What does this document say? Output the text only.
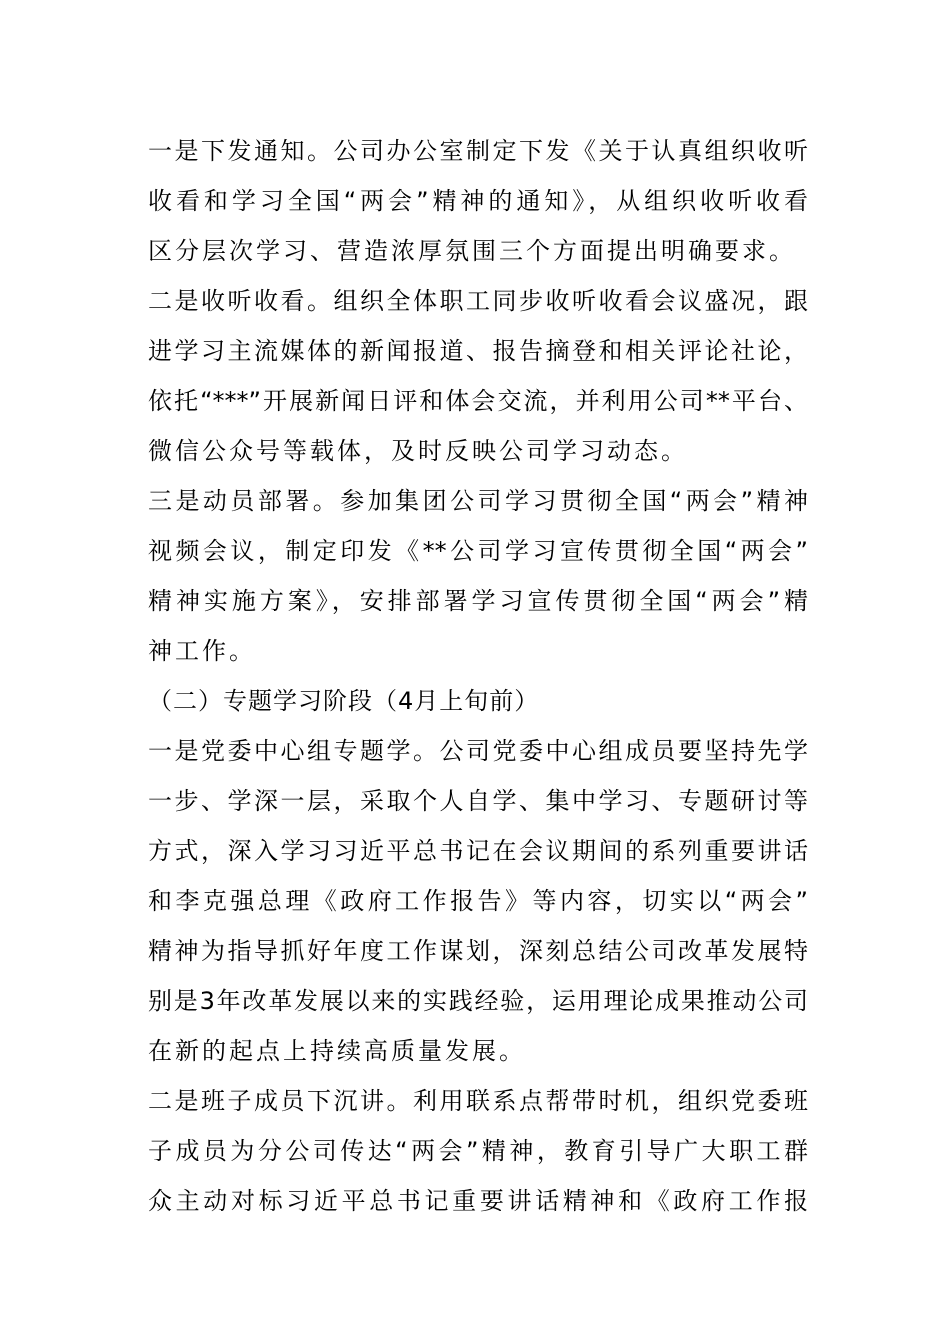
一是下发通知。公司办公室制定下发《关于认真组织收听
收看和学习全国“两会”精神的通知》，从组织收听收看
区分层次学习、营造浓厚氛围三个方面提出明确要求。
二是收听收看。组织全体职工同步收听收看会议盛况，跟
进学习主流媒体的新闻报道、报告摘登和相关评论社论，
依托“***”开展新闻日评和体会交流，并利用公司**平台、
微信公众号等载体，及时反映公司学习动态。
三是动员部署。参加集团公司学习贯彻全国“两会”精神
视频会议，制定印发《**公司学习宣传贯彻全国“两会”
精神实施方案》，安排部署学习宣传贯彻全国“两会”精
神工作。
（二）专题学习阶段（4月上旬前）
一是党委中心组专题学。公司党委中心组成员要坚持先学
一步、学深一层，采取个人自学、集中学习、专题研讨等
方式，深入学习习近平总书记在会议期间的系列重要讲话
和李克强总理《政府工作报告》等内容，切实以“两会”
精神为指导抓好年度工作谋划，深刻总结公司改革发展特
别是3年改革发展以来的实践经验，运用理论成果推动公司
在新的起点上持续高质量发展。
二是班子成员下沉讲。利用联系点帮带时机，组织党委班
子成员为分公司传达“两会”精神，教育引导广大职工群
众主动对标习近平总书记重要讲话精神和《政府工作报
